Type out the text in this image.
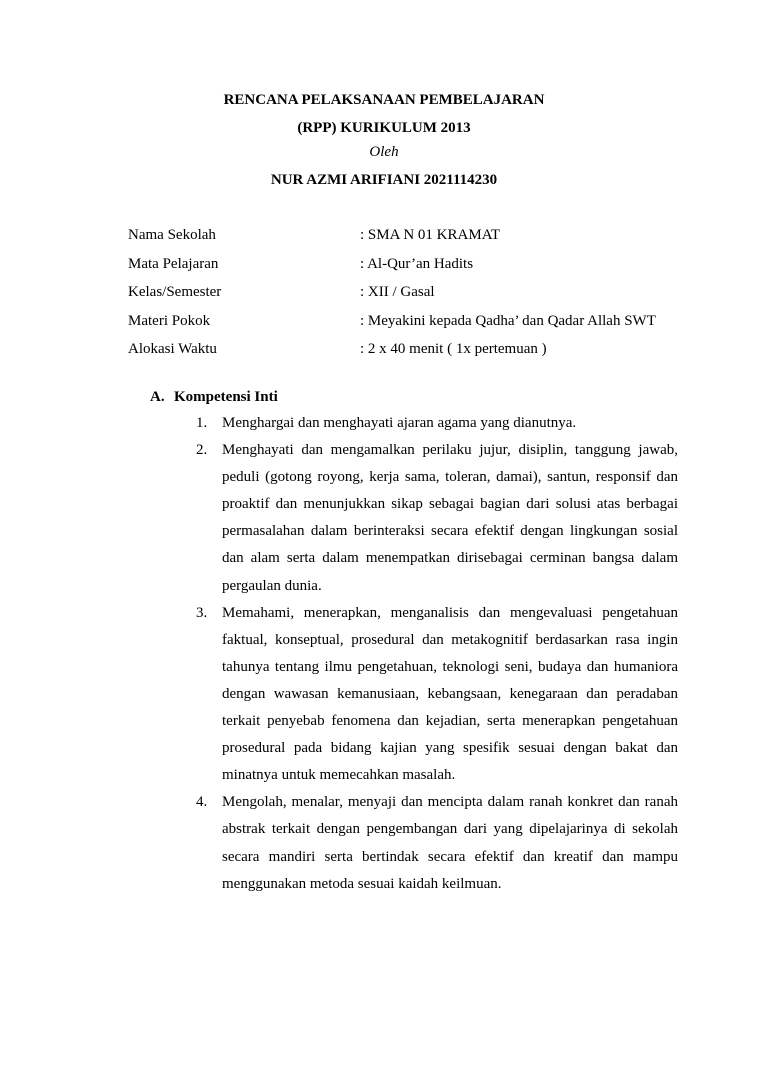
RENCANA PELAKSANAAN PEMBELAJARAN
(RPP) KURIKULUM 2013
Oleh
NUR AZMI ARIFIANI 2021114230
Nama Sekolah	: SMA N 01 KRAMAT
Mata Pelajaran	: Al-Qur’an Hadits
Kelas/Semester	: XII / Gasal
Materi Pokok	: Meyakini kepada Qadha’ dan Qadar Allah SWT
Alokasi Waktu	: 2 x 40 menit ( 1x pertemuan )
A. Kompetensi Inti
1. Menghargai dan menghayati ajaran agama yang dianutnya.
2. Menghayati dan mengamalkan perilaku jujur, disiplin, tanggung jawab, peduli (gotong royong, kerja sama, toleran, damai), santun, responsif dan proaktif dan menunjukkan sikap sebagai bagian dari solusi atas berbagai permasalahan dalam berinteraksi secara efektif dengan lingkungan sosial dan alam serta dalam menempatkan dirisebagai cerminan bangsa dalam pergaulan dunia.
3. Memahami, menerapkan, menganalisis dan mengevaluasi pengetahuan faktual, konseptual, prosedural dan metakognitif berdasarkan rasa ingin tahunya tentang ilmu pengetahuan, teknologi seni, budaya dan humaniora dengan wawasan kemanusiaan, kebangsaan, kenegaraan dan peradaban terkait penyebab fenomena dan kejadian, serta menerapkan pengetahuan prosedural pada bidang kajian yang spesifik sesuai dengan bakat dan minatnya untuk memecahkan masalah.
4. Mengolah, menalar, menyaji dan mencipta dalam ranah konkret dan ranah abstrak terkait dengan pengembangan dari yang dipelajarinya di sekolah secara mandiri serta bertindak secara efektif dan kreatif dan mampu menggunakan metoda sesuai kaidah keilmuan.
